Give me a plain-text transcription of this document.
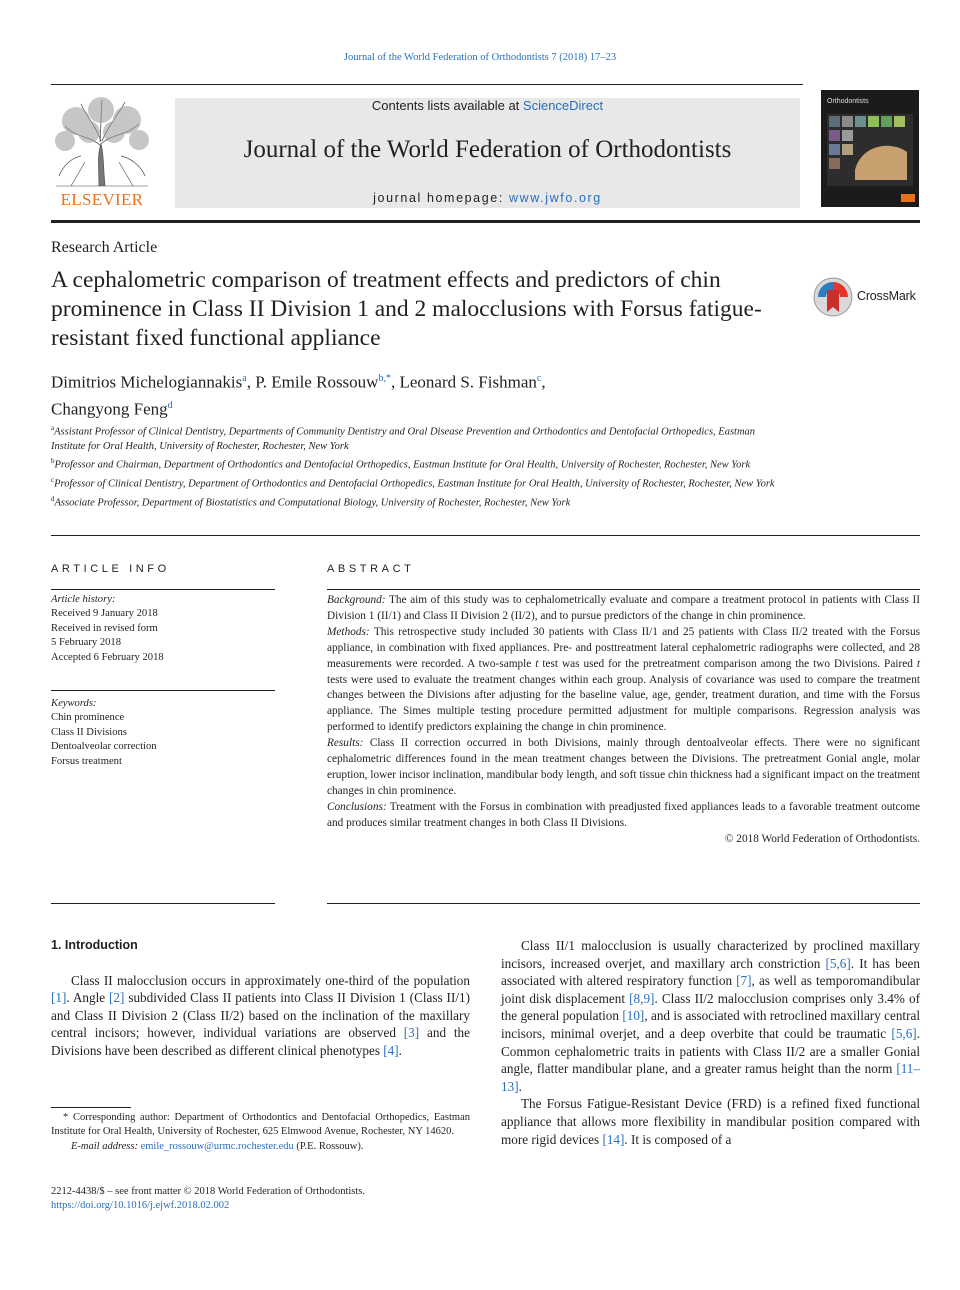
Journal of the World Federation of Orthodontists 7 (2018) 17–23
ELSEVIER
Contents lists available at ScienceDirect
Journal of the World Federation of Orthodontists
journal homepage: www.jwfo.org
Orthodontists
Research Article
A cephalometric comparison of treatment effects and predictors of chin prominence in Class II Division 1 and 2 malocclusions with Forsus fatigue-resistant fixed functional appliance
CrossMark
Dimitrios Michelogiannakis$^a$, P. Emile Rossouw$^{b,*}$, Leonard S. Fishman$^c$,
Changyong Feng$^d$

$^a$Assistant Professor of Clinical Dentistry, Departments of Community Dentistry and Oral Disease Prevention and Orthodontics and Dentofacial Orthopedics, Eastman Institute for Oral Health, University of Rochester, Rochester, New York

$^b$Professor and Chairman, Department of Orthodontics and Dentofacial Orthopedics, Eastman Institute for Oral Health, University of Rochester, Rochester, New York

$^c$Professor of Clinical Dentistry, Department of Orthodontics and Dentofacial Orthopedics, Eastman Institute for Oral Health, University of Rochester, Rochester, New York

$^d$Associate Professor, Department of Biostatistics and Computational Biology, University of Rochester, Rochester, New York

ARTICLE INFO	ABSTRACT
Article history:
Received 9 January 2018
Received in revised form
5 February 2018
Accepted 6 February 2018
Keywords:
Chin prominence
Class II Divisions
Dentoalveolar correction
Forsus treatment

Background: The aim of this study was to cephalometrically evaluate and compare a treatment protocol in patients with Class II Division 1 (II/1) and Class II Division 2 (II/2), and to pursue predictors of the change in chin prominence.

Methods: This retrospective study included 30 patients with Class II/1 and 25 patients with Class II/2 treated with the Forsus appliance, in combination with fixed appliances. Pre- and posttreatment lateral cephalometric radiographs were collected, and 28 measurements were recorded. A two-sample t test was used for the pretreatment comparison among the two Divisions. Paired t tests were used to evaluate the treatment changes within each group. Analysis of covariance was used to compare the treatment changes between the Divisions after adjusting for the baseline value, age, gender, treatment duration, and time with the Forsus appliance. The Simes multiple testing procedure permitted adjustment for multiple comparisons. Regression analysis was performed to identify predictors explaining the change in chin prominence.

Results: Class II correction occurred in both Divisions, mainly through dentoalveolar effects. There were no significant cephalometric differences found in the mean treatment changes between the Divisions. The pretreatment Gonial angle, molar eruption, lower incisor inclination, mandibular body length, and soft tissue chin thickness had a significant impact on the treatment changes in chin prominence.

Conclusions: Treatment with the Forsus in combination with preadjusted fixed appliances leads to a favorable treatment outcome and produces similar treatment changes in both Class II Divisions.

© 2018 World Federation of Orthodontists.

1. Introduction

Class II malocclusion occurs in approximately one-third of the population [1]. Angle [2] subdivided Class II patients into Class II Division 1 (Class II/1) and Class II Division 2 (Class II/2) based on the inclination of the maxillary central incisors; however, individual variations are observed [3] and the Divisions have been described as different clinical phenotypes [4].

Class II/1 malocclusion is usually characterized by proclined maxillary incisors, increased overjet, and maxillary arch constriction [5,6]. It has been associated with altered respiratory function [7], as well as temporomandibular joint disk displacement [8,9]. Class II/2 malocclusion comprises only 3.4% of the general population [10], and is associated with retroclined maxillary central incisors, minimal overjet, and a deep overbite that could be traumatic [5,6]. Common cephalometric traits in patients with Class II/2 are a smaller Gonial angle, flatter mandibular plane, and a greater ramus height than the norm [11–13].

The Forsus Fatigue-Resistant Device (FRD) is a refined fixed functional appliance that allows more flexibility in mandibular position compared with more rigid devices [14]. It is composed of a

* Corresponding author: Department of Orthodontics and Dentofacial Orthopedics, Eastman Institute for Oral Health, University of Rochester, 625 Elmwood Avenue, Rochester, NY 14620.

E-mail address: emile_rossouw@urmc.rochester.edu (P.E. Rossouw).

2212-4438/$ – see front matter © 2018 World Federation of Orthodontists.

https://doi.org/10.1016/j.ejwf.2018.02.002
